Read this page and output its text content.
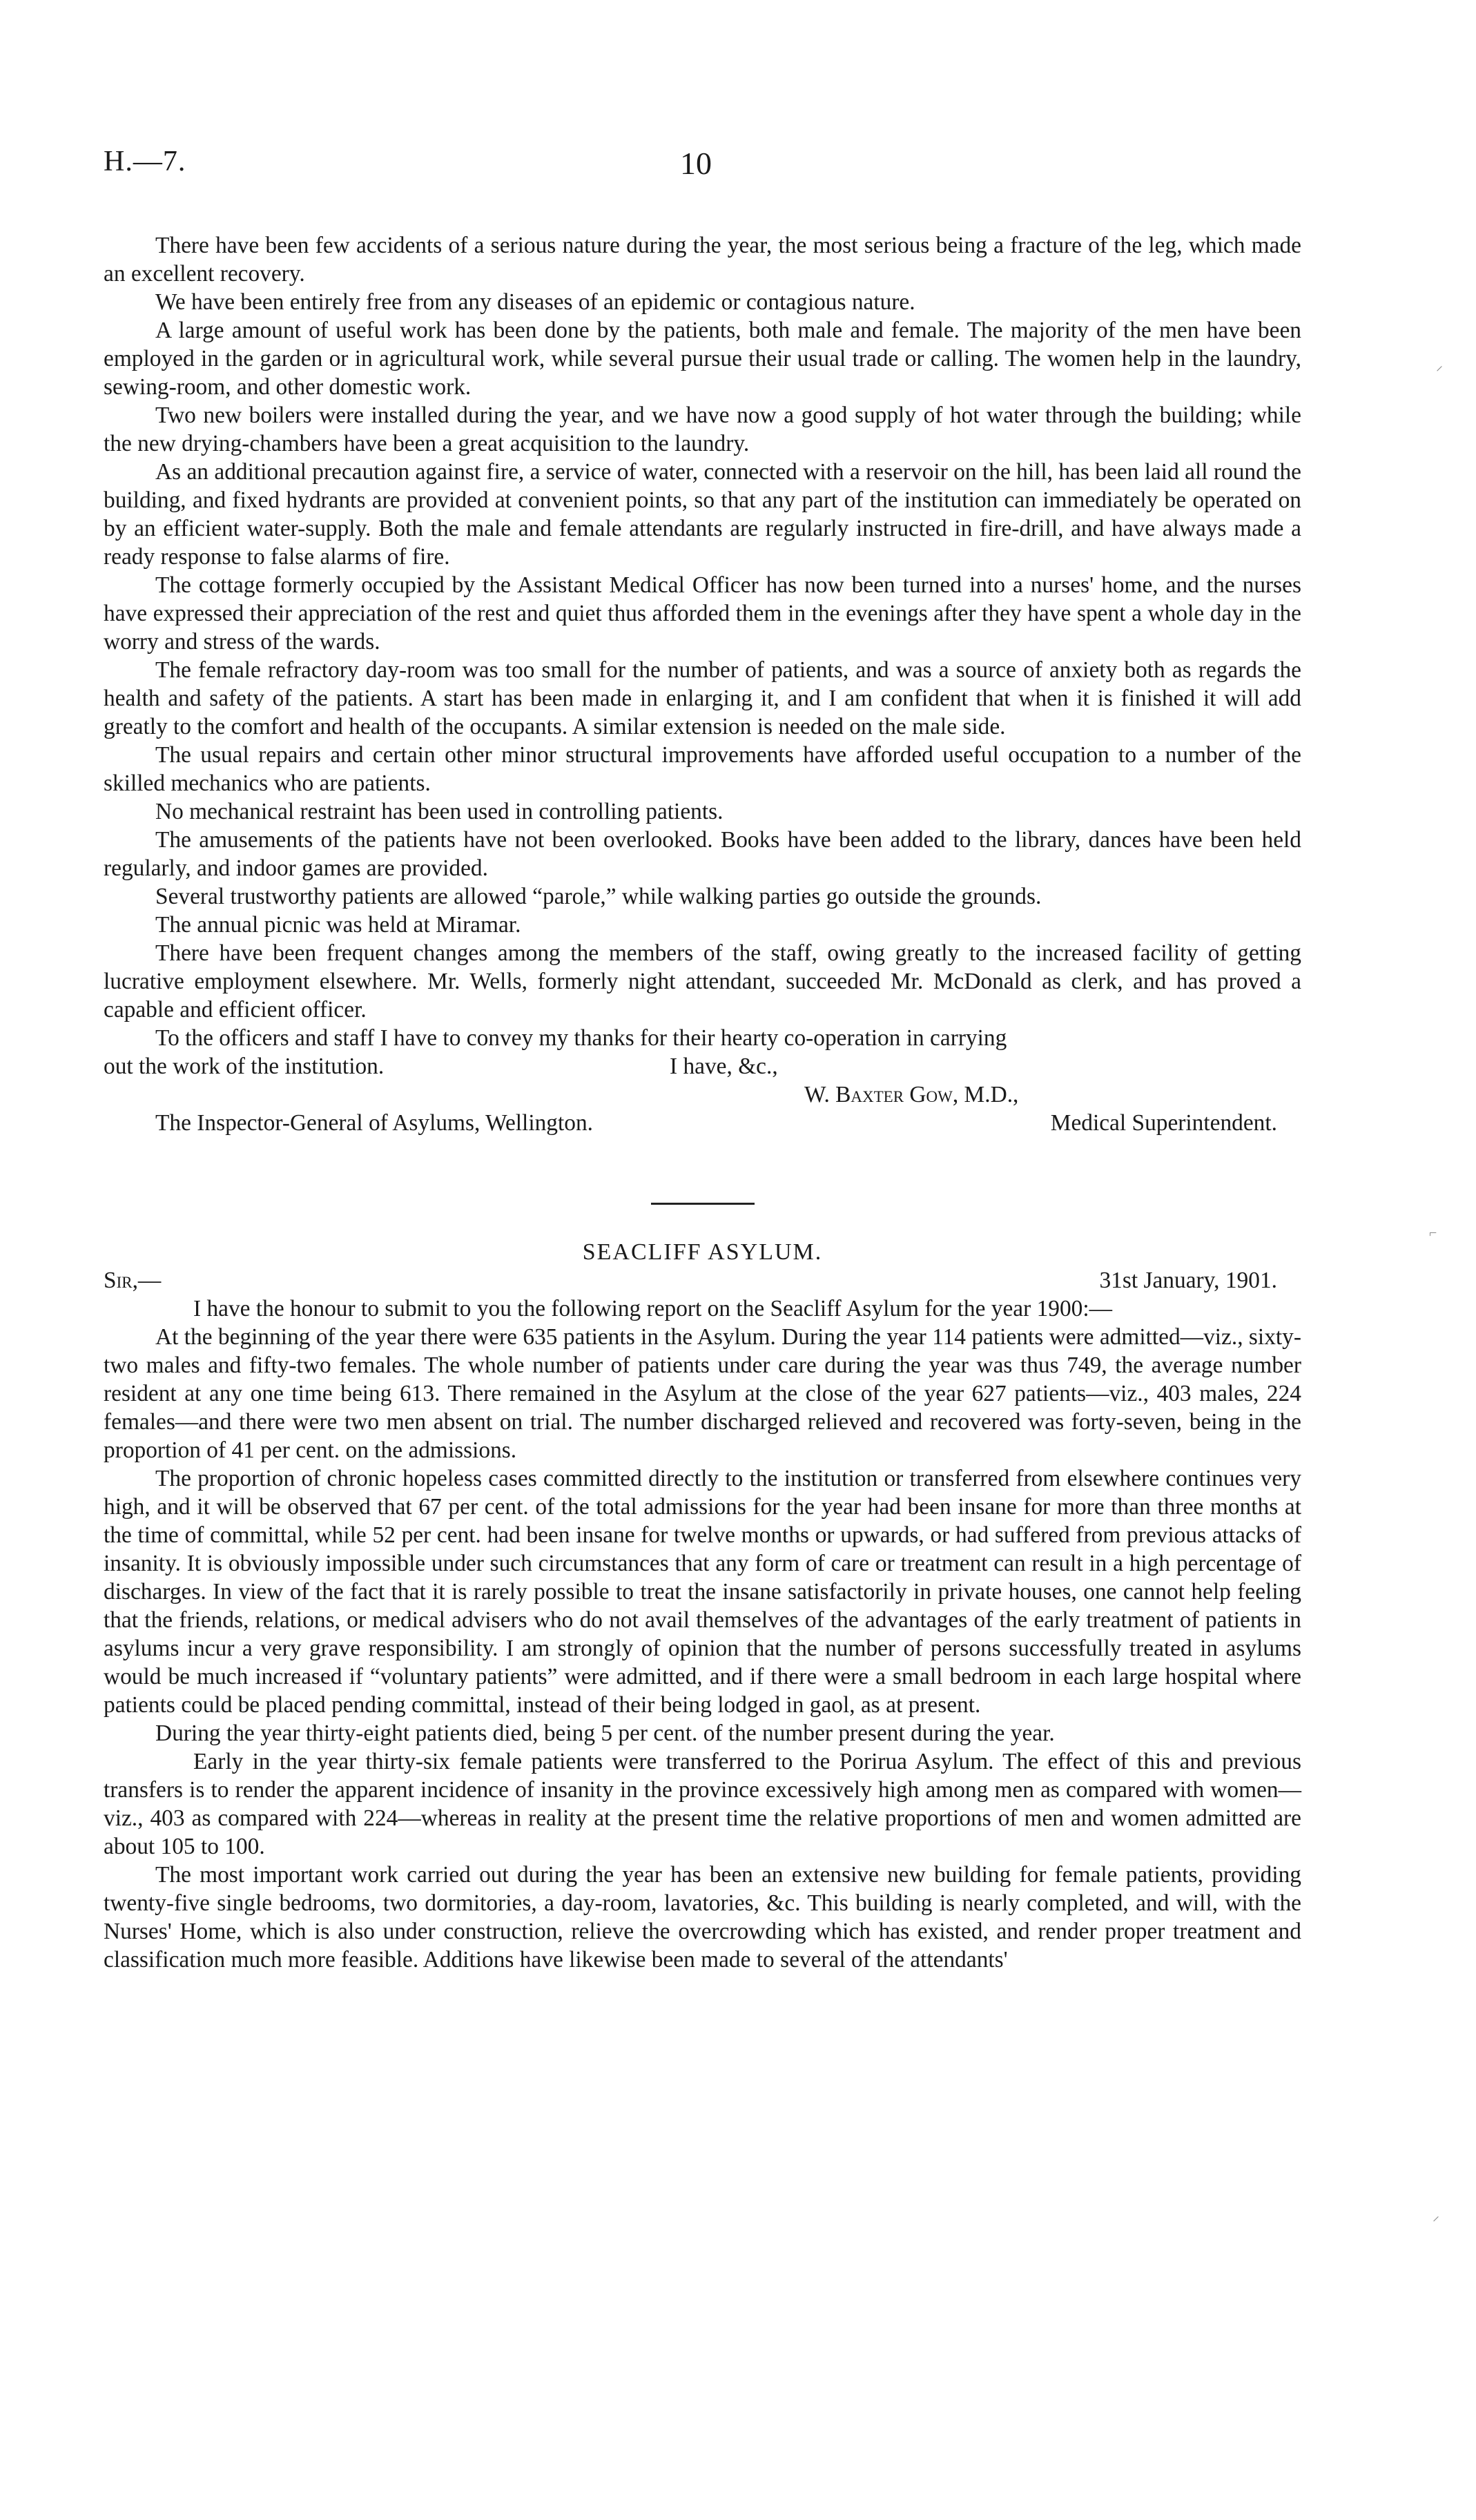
H.—7.	10

There have been few accidents of a serious nature during the year, the most serious being a fracture of the leg, which made an excellent recovery.

We have been entirely free from any diseases of an epidemic or contagious nature.

A large amount of useful work has been done by the patients, both male and female. The majority of the men have been employed in the garden or in agricultural work, while several pursue their usual trade or calling. The women help in the laundry, sewing-room, and other domestic work.

Two new boilers were installed during the year, and we have now a good supply of hot water through the building; while the new drying-chambers have been a great acquisition to the laundry.

As an additional precaution against fire, a service of water, connected with a reservoir on the hill, has been laid all round the building, and fixed hydrants are provided at convenient points, so that any part of the institution can immediately be operated on by an efficient water-supply. Both the male and female attendants are regularly instructed in fire-drill, and have always made a ready response to false alarms of fire.

The cottage formerly occupied by the Assistant Medical Officer has now been turned into a nurses' home, and the nurses have expressed their appreciation of the rest and quiet thus afforded them in the evenings after they have spent a whole day in the worry and stress of the wards.

The female refractory day-room was too small for the number of patients, and was a source of anxiety both as regards the health and safety of the patients. A start has been made in enlarging it, and I am confident that when it is finished it will add greatly to the comfort and health of the occupants. A similar extension is needed on the male side.

The usual repairs and certain other minor structural improvements have afforded useful occupation to a number of the skilled mechanics who are patients.

No mechanical restraint has been used in controlling patients.

The amusements of the patients have not been overlooked. Books have been added to the library, dances have been held regularly, and indoor games are provided.

Several trustworthy patients are allowed “parole,” while walking parties go outside the grounds.

The annual picnic was held at Miramar.

There have been frequent changes among the members of the staff, owing greatly to the increased facility of getting lucrative employment elsewhere. Mr. Wells, formerly night attendant, succeeded Mr. McDonald as clerk, and has proved a capable and efficient officer.

To the officers and staff I have to convey my thanks for their hearty co-operation in carrying
out the work of the institution.	I have, &c.,
W. Baxter Gow, M.D.,
The Inspector-General of Asylums, Wellington.	Medical Superintendent.
SEACLIFF ASYLUM.
Sir,—	31st January, 1901.

I have the honour to submit to you the following report on the Seacliff Asylum for the year 1900:—

At the beginning of the year there were 635 patients in the Asylum. During the year 114 patients were admitted—viz., sixty-two males and fifty-two females. The whole number of patients under care during the year was thus 749, the average number resident at any one time being 613. There remained in the Asylum at the close of the year 627 patients—viz., 403 males, 224 females—and there were two men absent on trial. The number discharged relieved and recovered was forty-seven, being in the proportion of 41 per cent. on the admissions.

The proportion of chronic hopeless cases committed directly to the institution or transferred from elsewhere continues very high, and it will be observed that 67 per cent. of the total admissions for the year had been insane for more than three months at the time of committal, while 52 per cent. had been insane for twelve months or upwards, or had suffered from previous attacks of insanity. It is obviously impossible under such circumstances that any form of care or treatment can result in a high percentage of discharges. In view of the fact that it is rarely possible to treat the insane satisfactorily in private houses, one cannot help feeling that the friends, relations, or medical advisers who do not avail themselves of the advantages of the early treatment of patients in asylums incur a very grave responsibility. I am strongly of opinion that the number of persons successfully treated in asylums would be much increased if “voluntary patients” were admitted, and if there were a small bedroom in each large hospital where patients could be placed pending committal, instead of their being lodged in gaol, as at present.

During the year thirty-eight patients died, being 5 per cent. of the number present during the year.

Early in the year thirty-six female patients were transferred to the Porirua Asylum. The effect of this and previous transfers is to render the apparent incidence of insanity in the province excessively high among men as compared with women—viz., 403 as compared with 224—whereas in reality at the present time the relative proportions of men and women admitted are about 105 to 100.

The most important work carried out during the year has been an extensive new building for female patients, providing twenty-five single bedrooms, two dormitories, a day-room, lavatories, &c. This building is nearly completed, and will, with the Nurses' Home, which is also under construction, relieve the overcrowding which has existed, and render proper treatment and classification much more feasible. Additions have likewise been made to several of the attendants'

⸝
⌐
⸝
